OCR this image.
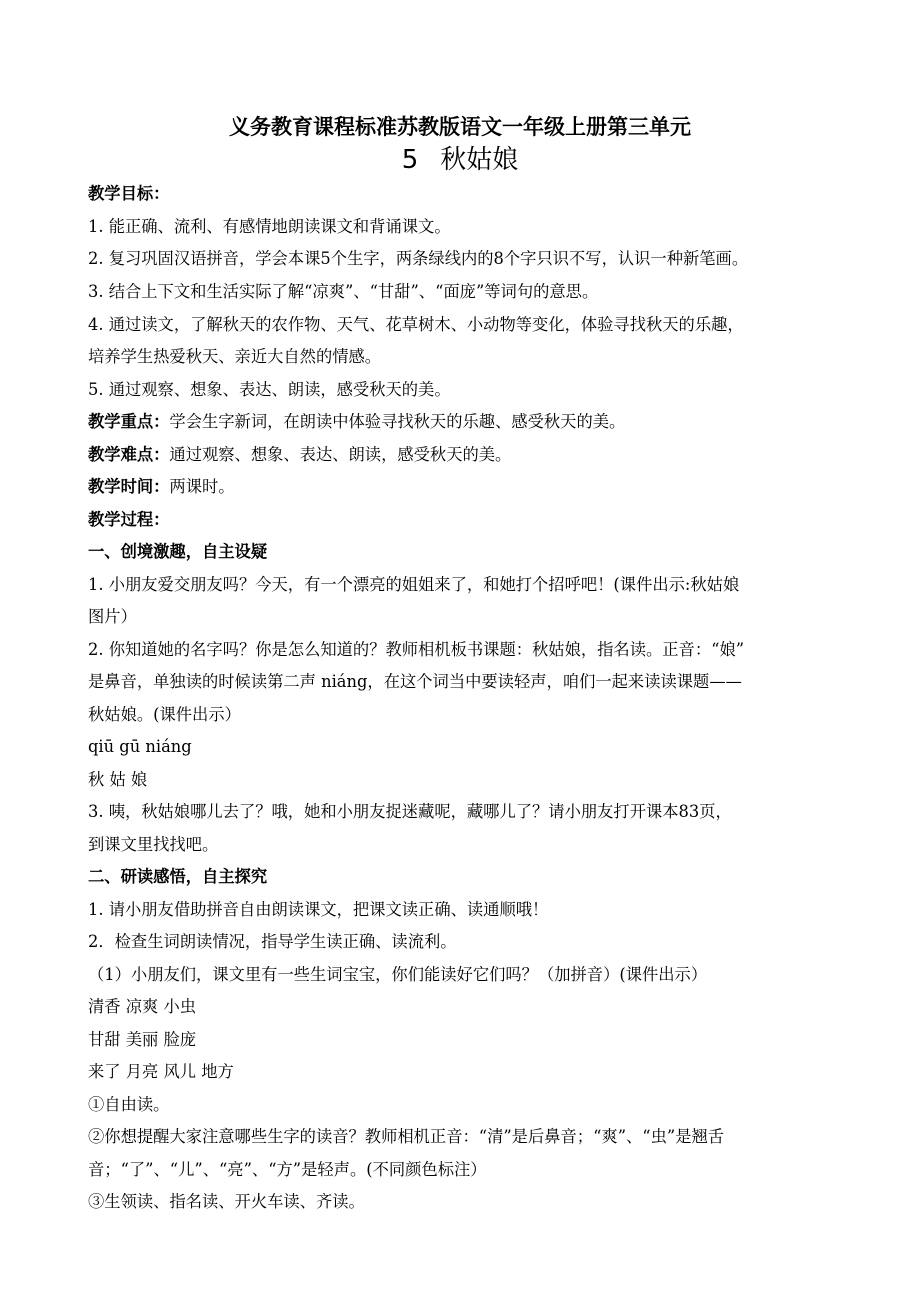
义务教育课程标准苏教版语文一年级上册第三单元
5 秋姑娘
教学目标：
1. 能正确、流利、有感情地朗读课文和背诵课文。
2. 复习巩固汉语拼音，学会本课5个生字，两条绿线内的8个字只识不写，认识一种新笔画。
3. 结合上下文和生活实际了解“凉爽”、“甘甜”、“面庞”等词句的意思。
4. 通过读文，了解秋天的农作物、天气、花草树木、小动物等变化，体验寻找秋天的乐趣，
培养学生热爱秋天、亲近大自然的情感。
5. 通过观察、想象、表达、朗读，感受秋天的美。
教学重点：学会生字新词，在朗读中体验寻找秋天的乐趣、感受秋天的美。
教学难点：通过观察、想象、表达、朗读，感受秋天的美。
教学时间：两课时。
教学过程：
一、创境激趣，自主设疑
1. 小朋友爱交朋友吗？今天，有一个漂亮的姐姐来了，和她打个招呼吧！(课件出示:秋姑娘
图片）
2. 你知道她的名字吗？你是怎么知道的？教师相机板书课题：秋姑娘，指名读。正音：“娘”
是鼻音，单独读的时候读第二声 niáng，在这个词当中要读轻声，咱们一起来读读课题——
秋姑娘。(课件出示）
qiū gū niáng
秋 姑 娘
3. 咦，秋姑娘哪儿去了？哦，她和小朋友捉迷藏呢，藏哪儿了？请小朋友打开课本83页，
到课文里找找吧。
二、研读感悟，自主探究
1. 请小朋友借助拼音自由朗读课文，把课文读正确、读通顺哦！
2．检查生词朗读情况，指导学生读正确、读流利。
（1）小朋友们，课文里有一些生词宝宝，你们能读好它们吗？（加拼音）(课件出示）
清香 凉爽 小虫
甘甜 美丽 脸庞
来了 月亮 风儿 地方
①自由读。
②你想提醒大家注意哪些生字的读音？教师相机正音：“清”是后鼻音；“爽”、“虫”是翘舌
音；“了”、“儿”、“亮”、“方”是轻声。(不同颜色标注）
③生领读、指名读、开火车读、齐读。
